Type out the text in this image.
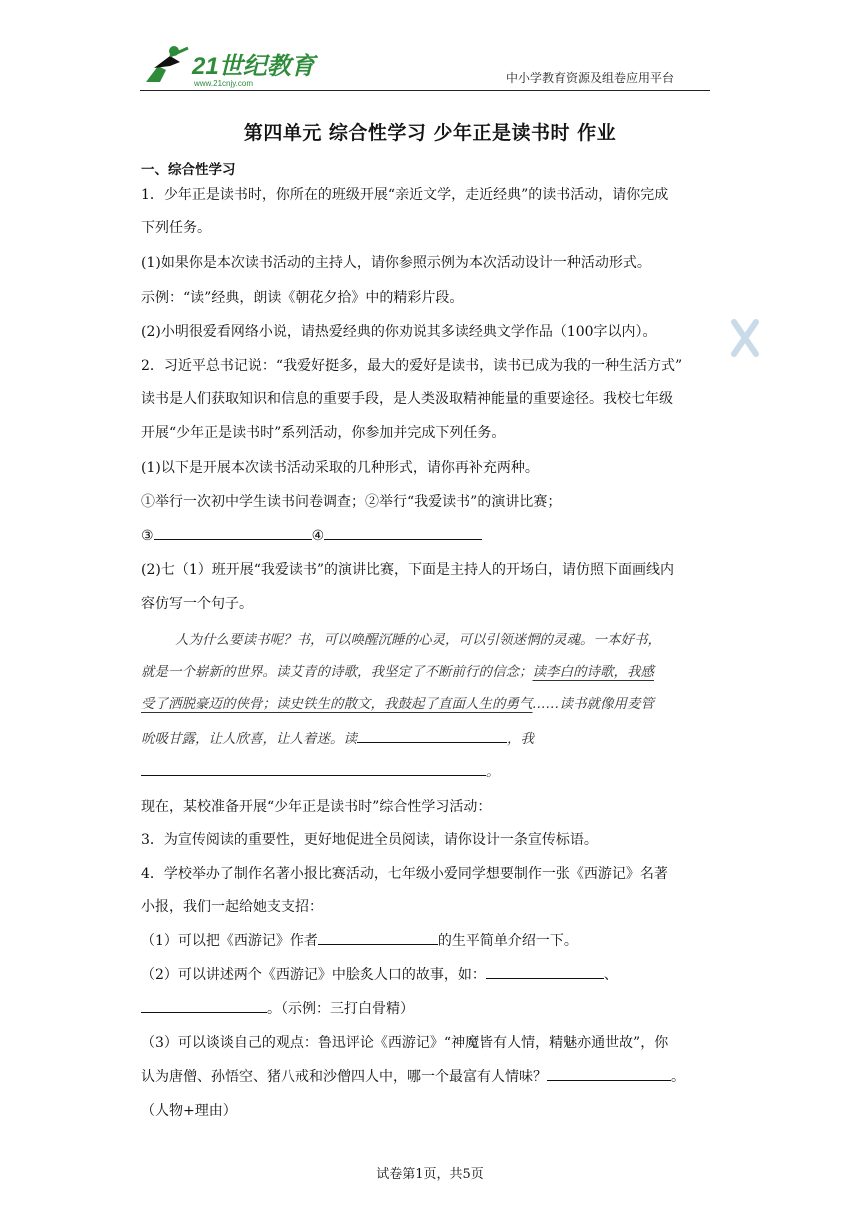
21世纪教育
www.21cnjy.com	中小学教育资源及组卷应用平台
第四单元 综合性学习 少年正是读书时 作业
一、综合性学习
1．少年正是读书时，你所在的班级开展“亲近文学，走近经典”的读书活动，请你完成
下列任务。
(1)如果你是本次读书活动的主持人，请你参照示例为本次活动设计一种活动形式。
示例：“读”经典，朗读《朝花夕拾》中的精彩片段。
(2)小明很爱看网络小说，请热爱经典的你劝说其多读经典文学作品（100字以内）。
2．习近平总书记说：“我爱好挺多，最大的爱好是读书，读书已成为我的一种生活方式”
读书是人们获取知识和信息的重要手段，是人类汲取精神能量的重要途径。我校七年级
开展“少年正是读书时”系列活动，你参加并完成下列任务。
(1)以下是开展本次读书活动采取的几种形式，请你再补充两种。
①举行一次初中学生读书问卷调查；②举行“我爱读书”的演讲比赛；
③	④
(2)七（1）班开展“我爱读书”的演讲比赛，下面是主持人的开场白，请仿照下面画线内
容仿写一个句子。
人为什么要读书呢？书，可以唤醒沉睡的心灵，可以引领迷惘的灵魂。一本好书，
就是一个崭新的世界。读艾青的诗歌，我坚定了不断前行的信念；读李白的诗歌，我感
受了洒脱豪迈的侠骨；读史铁生的散文，我鼓起了直面人生的勇气……读书就像用麦管
吮吸甘露，让人欣喜，让人着迷。读	，我
。
现在，某校准备开展“少年正是读书时”综合性学习活动：
3．为宣传阅读的重要性，更好地促进全员阅读，请你设计一条宣传标语。
4．学校举办了制作名著小报比赛活动，七年级小爱同学想要制作一张《西游记》名著
小报，我们一起给她支支招：
（1）可以把《西游记》作者	的生平简单介绍一下。
（2）可以讲述两个《西游记》中脍炙人口的故事，如：	、
。（示例：三打白骨精）
（3）可以谈谈自己的观点：鲁迅评论《西游记》“神魔皆有人情，精魅亦通世故”，你
认为唐僧、孙悟空、猪八戒和沙僧四人中，哪一个最富有人情味？	。
（人物+理由）
试卷第1页，共5页
